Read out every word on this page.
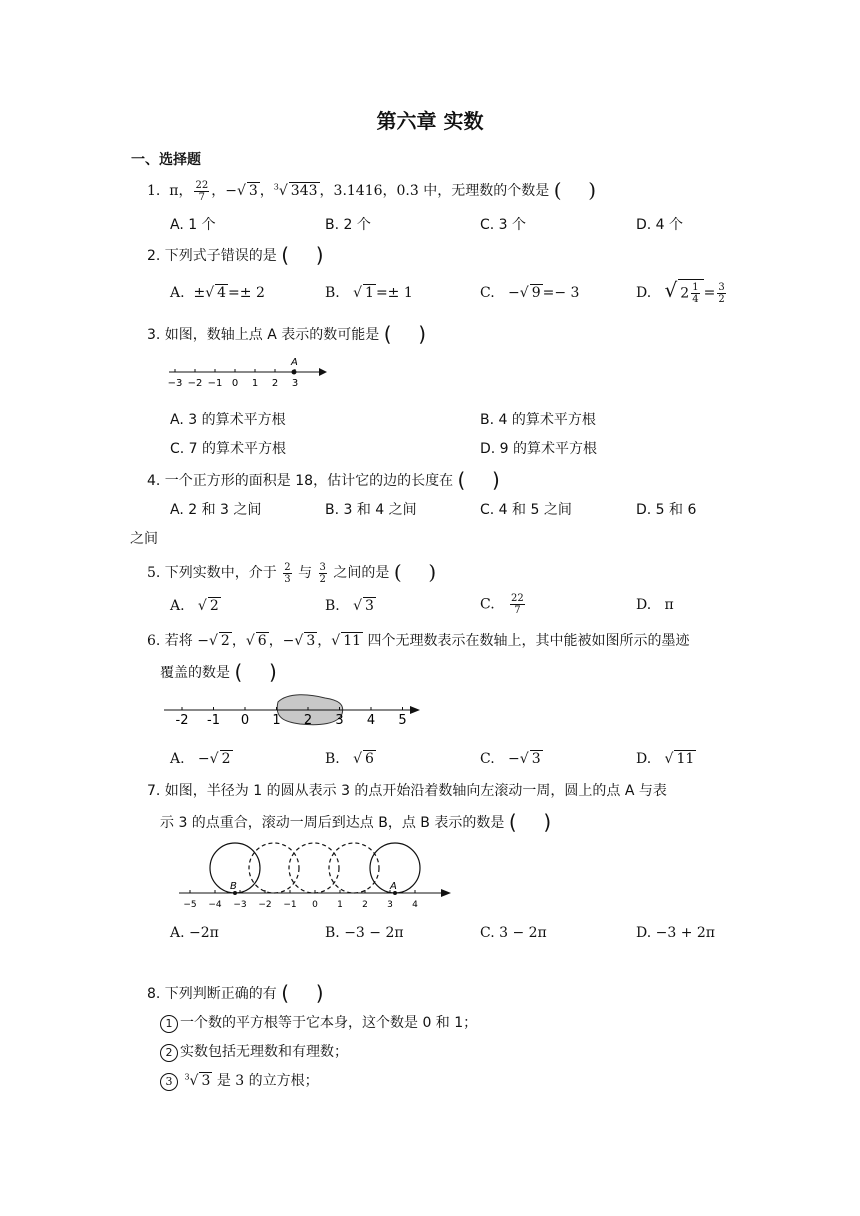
第六章 实数
一、选择题
1. π， $\frac{22}{7}$ ，−√ 3 ，$^3$√ 343 ，3.1416，0.3̇ 中，无理数的个数是 ( )
A. 1 个	B. 2 个	C. 3 个	D. 4 个
2. 下列式子错误的是 ( )
A. ±√ 4 =± 2	B.   √ 1 =± 1	C. −√ 9 =− 3	D. √ $2 \frac{1}{4} = \frac{3}{2}$
3. 如图，数轴上点 A 表示的数可能是 ( )
−3 −2 −1 0 1 2 3
A
A. 3 的算术平方根	B. 4 的算术平方根
C. 7 的算术平方根	D. 9 的算术平方根
4. 一个正方形的面积是 18，估计它的边的长度在 ( )
A. 2 和 3 之间	B. 3 和 4 之间	C. 4 和 5 之间	D. 5 和 6
之间
5. 下列实数中，介于 $\frac{2}{3}$ 与 $\frac{3}{2}$ 之间的是 ( )
A.   √ 2	B.   √ 3	C. $\frac{22}{7}$	D. π
6. 若将 −√ 2 ，√ 6 ，−√ 3 ，√ 11 四个无理数表示在数轴上，其中能被如图所示的墨迹
覆盖的数是 ( )
-2 -1 0 1 2 3 4 5
A. −√ 2	B.   √ 6	C. −√ 3	D.   √ 11
7. 如图，半径为 1 的圆从表示 3 的点开始沿着数轴向左滚动一周，圆上的点 A 与表
示 3 的点重合，滚动一周后到达点 B，点 B 表示的数是 ( )
B	A
−5 −4 −3 −2 −1 0 1 2 3 4
A. −2π	B. −3 − 2π	C. 3 − 2π	D. −3 + 2π
8. 下列判断正确的有 ( )
1 一个数的平方根等于它本身，这个数是 0 和 1；
2 实数包括无理数和有理数；
3 $^3$√ 3 是 3 的立方根；
